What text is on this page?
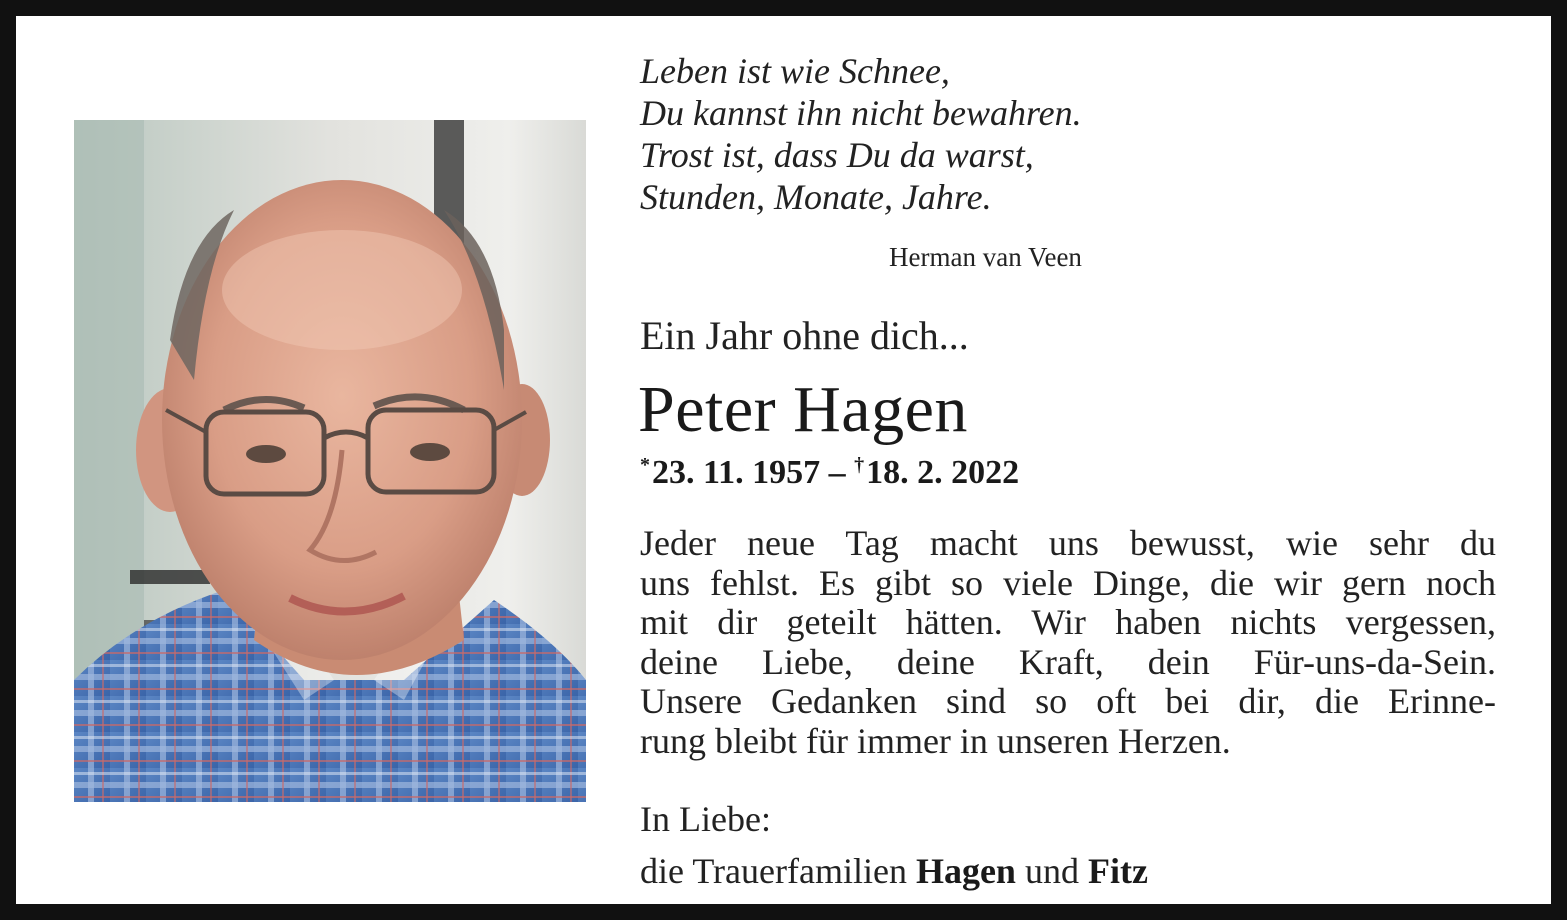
Leben ist wie Schnee,
Du kannst ihn nicht bewahren.
Trost ist, dass Du da warst,
Stunden, Monate, Jahre.
Herman van Veen
Ein Jahr ohne dich...
Peter Hagen
*23. 11. 1957 – †18. 2. 2022
Jeder neue Tag macht uns bewusst, wie sehr du
uns fehlst. Es gibt so viele Dinge, die wir gern noch
mit dir geteilt hätten. Wir haben nichts vergessen,
deine Liebe, deine Kraft, dein Für-uns-da-Sein.
Unsere Gedanken sind so oft bei dir, die Erinne-
rung bleibt für immer in unseren Herzen.
In Liebe:
die Trauerfamilien Hagen und Fitz
